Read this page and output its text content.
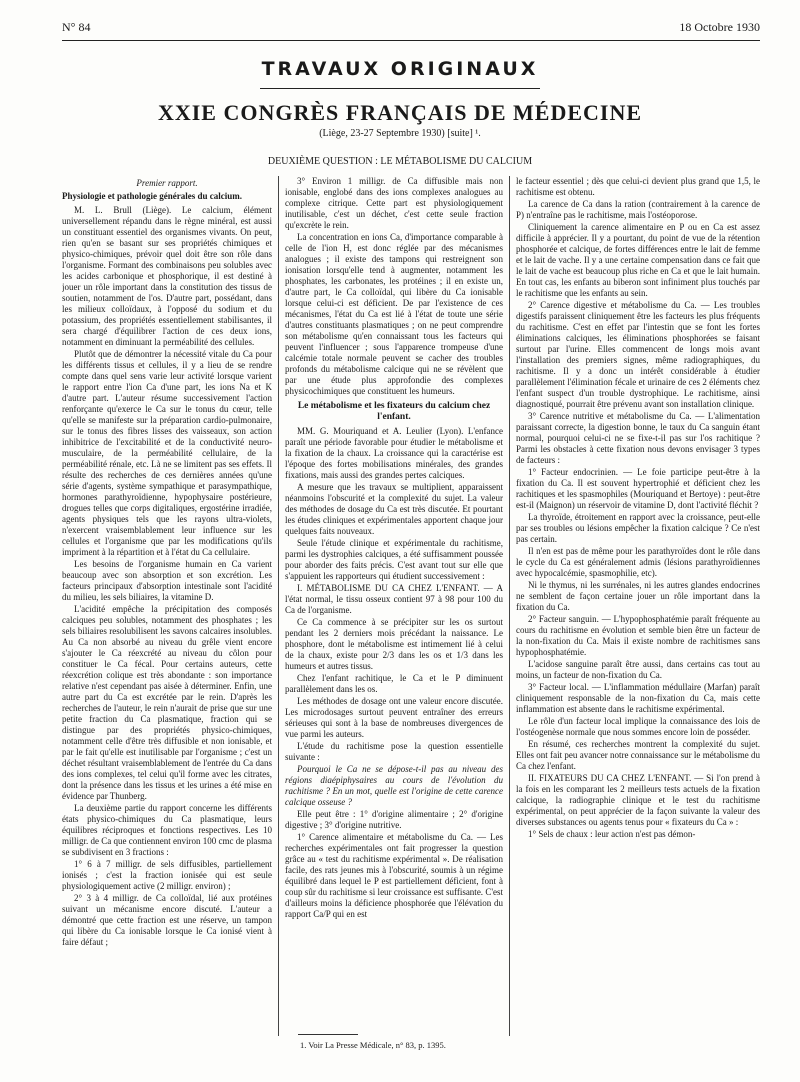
N° 84	18 Octobre 1930
TRAVAUX ORIGINAUX
XXIE CONGRÈS FRANÇAIS DE MÉDECINE
(Liège, 23-27 Septembre 1930) [suite] ¹.
DEUXIÈME QUESTION : LE MÉTABOLISME DU CALCIUM

Premier rapport.

Physiologie et pathologie générales du calcium.

M. L. Brull (Liège). Le calcium, élément universellement répandu dans le règne minéral, est aussi un constituant essentiel des organismes vivants. On peut, rien qu'en se basant sur ses propriétés chimiques et physico-chimiques, prévoir quel doit être son rôle dans l'organisme. Formant des combinaisons peu solubles avec les acides carbonique et phosphorique, il est destiné à jouer un rôle important dans la constitution des tissus de soutien, notamment de l'os. D'autre part, possédant, dans les milieux colloïdaux, à l'opposé du sodium et du potassium, des propriétés essentiellement stabilisantes, il sera chargé d'équilibrer l'action de ces deux ions, notamment en diminuant la perméabilité des cellules.

Plutôt que de démontrer la nécessité vitale du Ca pour les différents tissus et cellules, il y a lieu de se rendre compte dans quel sens varie leur activité lorsque varient le rapport entre l'ion Ca d'une part, les ions Na et K d'autre part. L'auteur résume successivement l'action renforçante qu'exerce le Ca sur le tonus du cœur, telle qu'elle se manifeste sur la préparation cardio-pulmonaire, sur le tonus des fibres lisses des vaisseaux, son action inhibitrice de l'excitabilité et de la conductivité neuro-musculaire, de la perméabilité cellulaire, de la perméabilité rénale, etc. Là ne se limitent pas ses effets. Il résulte des recherches de ces dernières années qu'une série d'agents, système sympathique et parasympathique, hormones parathyroïdienne, hypophysaire postérieure, drogues telles que corps digitaliques, ergostérine irradiée, agents physiques tels que les rayons ultra-violets, n'exercent vraisemblablement leur influence sur les cellules et l'organisme que par les modifications qu'ils impriment à la répartition et à l'état du Ca cellulaire.

Les besoins de l'organisme humain en Ca varient beaucoup avec son absorption et son excrétion. Les facteurs principaux d'absorption intestinale sont l'acidité du milieu, les sels biliaires, la vitamine D.

L'acidité empêche la précipitation des composés calciques peu solubles, notamment des phosphates ; les sels biliaires resolubilisent les savons calcaires insolubles. Au Ca non absorbé au niveau du grêle vient encore s'ajouter le Ca réexcrété au niveau du côlon pour constituer le Ca fécal. Pour certains auteurs, cette réexcrétion colique est très abondante : son importance relative n'est cependant pas aisée à déterminer. Enfin, une autre part du Ca est excrétée par le rein. D'après les recherches de l'auteur, le rein n'aurait de prise que sur une petite fraction du Ca plasmatique, fraction qui se distingue par des propriétés physico-chimiques, notamment celle d'être très diffusible et non ionisable, et par le fait qu'elle est inutilisable par l'organisme ; c'est un déchet résultant vraisemblablement de l'entrée du Ca dans des ions complexes, tel celui qu'il forme avec les citrates, dont la présence dans les tissus et les urines a été mise en évidence par Thunberg.

La deuxième partie du rapport concerne les différents états physico-chimiques du Ca plasmatique, leurs équilibres réciproques et fonctions respectives. Les 10 milligr. de Ca que contiennent environ 100 cmc de plasma se subdivisent en 3 fractions :

1° 6 à 7 milligr. de sels diffusibles, partiellement ionisés ; c'est la fraction ionisée qui est seule physiologiquement active (2 milligr. environ) ;

2° 3 à 4 milligr. de Ca colloïdal, lié aux protéines suivant un mécanisme encore discuté. L'auteur a démontré que cette fraction est une réserve, un tampon qui libère du Ca ionisable lorsque le Ca ionisé vient à faire défaut ;

3° Environ 1 milligr. de Ca diffusible mais non ionisable, englobé dans des ions complexes analogues au complexe citrique. Cette part est physiologiquement inutilisable, c'est un déchet, c'est cette seule fraction qu'excrète le rein.

La concentration en ions Ca, d'importance comparable à celle de l'ion H, est donc réglée par des mécanismes analogues ; il existe des tampons qui restreignent son ionisation lorsqu'elle tend à augmenter, notamment les phosphates, les carbonates, les protéines ; il en existe un, d'autre part, le Ca colloïdal, qui libère du Ca ionisable lorsque celui-ci est déficient. De par l'existence de ces mécanismes, l'état du Ca est lié à l'état de toute une série d'autres constituants plasmatiques ; on ne peut comprendre son métabolisme qu'en connaissant tous les facteurs qui peuvent l'influencer ; sous l'apparence trompeuse d'une calcémie totale normale peuvent se cacher des troubles profonds du métabolisme calcique qui ne se révèlent que par une étude plus approfondie des complexes physicochimiques que constituent les humeurs.

Le métabolisme et les fixateurs du calcium chez l'enfant.

MM. G. Mouriquand et A. Leulier (Lyon). L'enfance paraît une période favorable pour étudier le métabolisme et la fixation de la chaux. La croissance qui la caractérise est l'époque des fortes mobilisations minérales, des grandes fixations, mais aussi des grandes pertes calciques.

A mesure que les travaux se multiplient, apparaissent néanmoins l'obscurité et la complexité du sujet. La valeur des méthodes de dosage du Ca est très discutée. Et pourtant les études cliniques et expérimentales apportent chaque jour quelques faits nouveaux.

Seule l'étude clinique et expérimentale du rachitisme, parmi les dystrophies calciques, a été suffisamment poussée pour aborder des faits précis. C'est avant tout sur elle que s'appuient les rapporteurs qui étudient successivement :

I. MÉTABOLISME DU CA CHEZ L'ENFANT. — A l'état normal, le tissu osseux contient 97 à 98 pour 100 du Ca de l'organisme.

Ce Ca commence à se précipiter sur les os surtout pendant les 2 derniers mois précédant la naissance. Le phosphore, dont le métabolisme est intimement lié à celui de la chaux, existe pour 2/3 dans les os et 1/3 dans les humeurs et autres tissus.

Chez l'enfant rachitique, le Ca et le P diminuent parallèlement dans les os.

Les méthodes de dosage ont une valeur encore discutée. Les microdosages surtout peuvent entraîner des erreurs sérieuses qui sont à la base de nombreuses divergences de vue parmi les auteurs.

L'étude du rachitisme pose la question essentielle suivante :

Pourquoi le Ca ne se dépose-t-il pas au niveau des régions diaépiphysaires au cours de l'évolution du rachitisme ? En un mot, quelle est l'origine de cette carence calcique osseuse ?

Elle peut être : 1° d'origine alimentaire ; 2° d'origine digestive ; 3° d'origine nutritive.

1° Carence alimentaire et métabolisme du Ca. — Les recherches expérimentales ont fait progresser la question grâce au « test du rachitisme expérimental ». De réalisation facile, des rats jeunes mis à l'obscurité, soumis à un régime équilibré dans lequel le P est partiellement déficient, font à coup sûr du rachitisme si leur croissance est suffisante. C'est d'ailleurs moins la déficience phosphorée que l'élévation du rapport Ca/P qui en est

le facteur essentiel ; dès que celui-ci devient plus grand que 1,5, le rachitisme est obtenu.

La carence de Ca dans la ration (contrairement à la carence de P) n'entraîne pas le rachitisme, mais l'ostéoporose.

Cliniquement la carence alimentaire en P ou en Ca est assez difficile à apprécier. Il y a pourtant, du point de vue de la rétention phosphorée et calcique, de fortes différences entre le lait de femme et le lait de vache. Il y a une certaine compensation dans ce fait que le lait de vache est beaucoup plus riche en Ca et que le lait humain. En tout cas, les enfants au biberon sont infiniment plus touchés par le rachitisme que les enfants au sein.

2° Carence digestive et métabolisme du Ca. — Les troubles digestifs paraissent cliniquement être les facteurs les plus fréquents du rachitisme. C'est en effet par l'intestin que se font les fortes éliminations calciques, les éliminations phosphorées se faisant surtout par l'urine. Elles commencent de longs mois avant l'installation des premiers signes, même radiographiques, du rachitisme. Il y a donc un intérêt considérable à étudier parallèlement l'élimination fécale et urinaire de ces 2 éléments chez l'enfant suspect d'un trouble dystrophique. Le rachitisme, ainsi diagnostiqué, pourrait être prévenu avant son installation clinique.

3° Carence nutritive et métabolisme du Ca. — L'alimentation paraissant correcte, la digestion bonne, le taux du Ca sanguin étant normal, pourquoi celui-ci ne se fixe-t-il pas sur l'os rachitique ? Parmi les obstacles à cette fixation nous devons envisager 3 types de facteurs :

1° Facteur endocrinien. — Le foie participe peut-être à la fixation du Ca. Il est souvent hypertrophié et déficient chez les rachitiques et les spasmophiles (Mouriquand et Bertoye) : peut-être est-il (Maignon) un réservoir de vitamine D, dont l'activité fléchit ?

La thyroïde, étroitement en rapport avec la croissance, peut-elle par ses troubles ou lésions empêcher la fixation calcique ? Ce n'est pas certain.

Il n'en est pas de même pour les parathyroïdes dont le rôle dans le cycle du Ca est généralement admis (lésions parathyroïdiennes avec hypocalcémie, spasmophilie, etc).

Ni le thymus, ni les surrénales, ni les autres glandes endocrines ne semblent de façon certaine jouer un rôle important dans la fixation du Ca.

2° Facteur sanguin. — L'hypophosphatémie paraît fréquente au cours du rachitisme en évolution et semble bien être un facteur de la non-fixation du Ca. Mais il existe nombre de rachitismes sans hypophosphatémie.

L'acidose sanguine paraît être aussi, dans certains cas tout au moins, un facteur de non-fixation du Ca.

3° Facteur local. — L'inflammation médullaire (Marfan) paraît cliniquement responsable de la non-fixation du Ca, mais cette inflammation est absente dans le rachitisme expérimental.

Le rôle d'un facteur local implique la connaissance des lois de l'ostéogenèse normale que nous sommes encore loin de posséder.

En résumé, ces recherches montrent la complexité du sujet. Elles ont fait peu avancer notre connaissance sur le métabolisme du Ca chez l'enfant.

II. FIXATEURS DU CA CHEZ L'ENFANT. — Si l'on prend à la fois en les comparant les 2 meilleurs tests actuels de la fixation calcique, la radiographie clinique et le test du rachitisme expérimental, on peut apprécier de la façon suivante la valeur des diverses substances ou agents tenus pour « fixateurs du Ca » :

1° Sels de chaux : leur action n'est pas démon-

1. Voir La Presse Médicale, n° 83, p. 1395.
